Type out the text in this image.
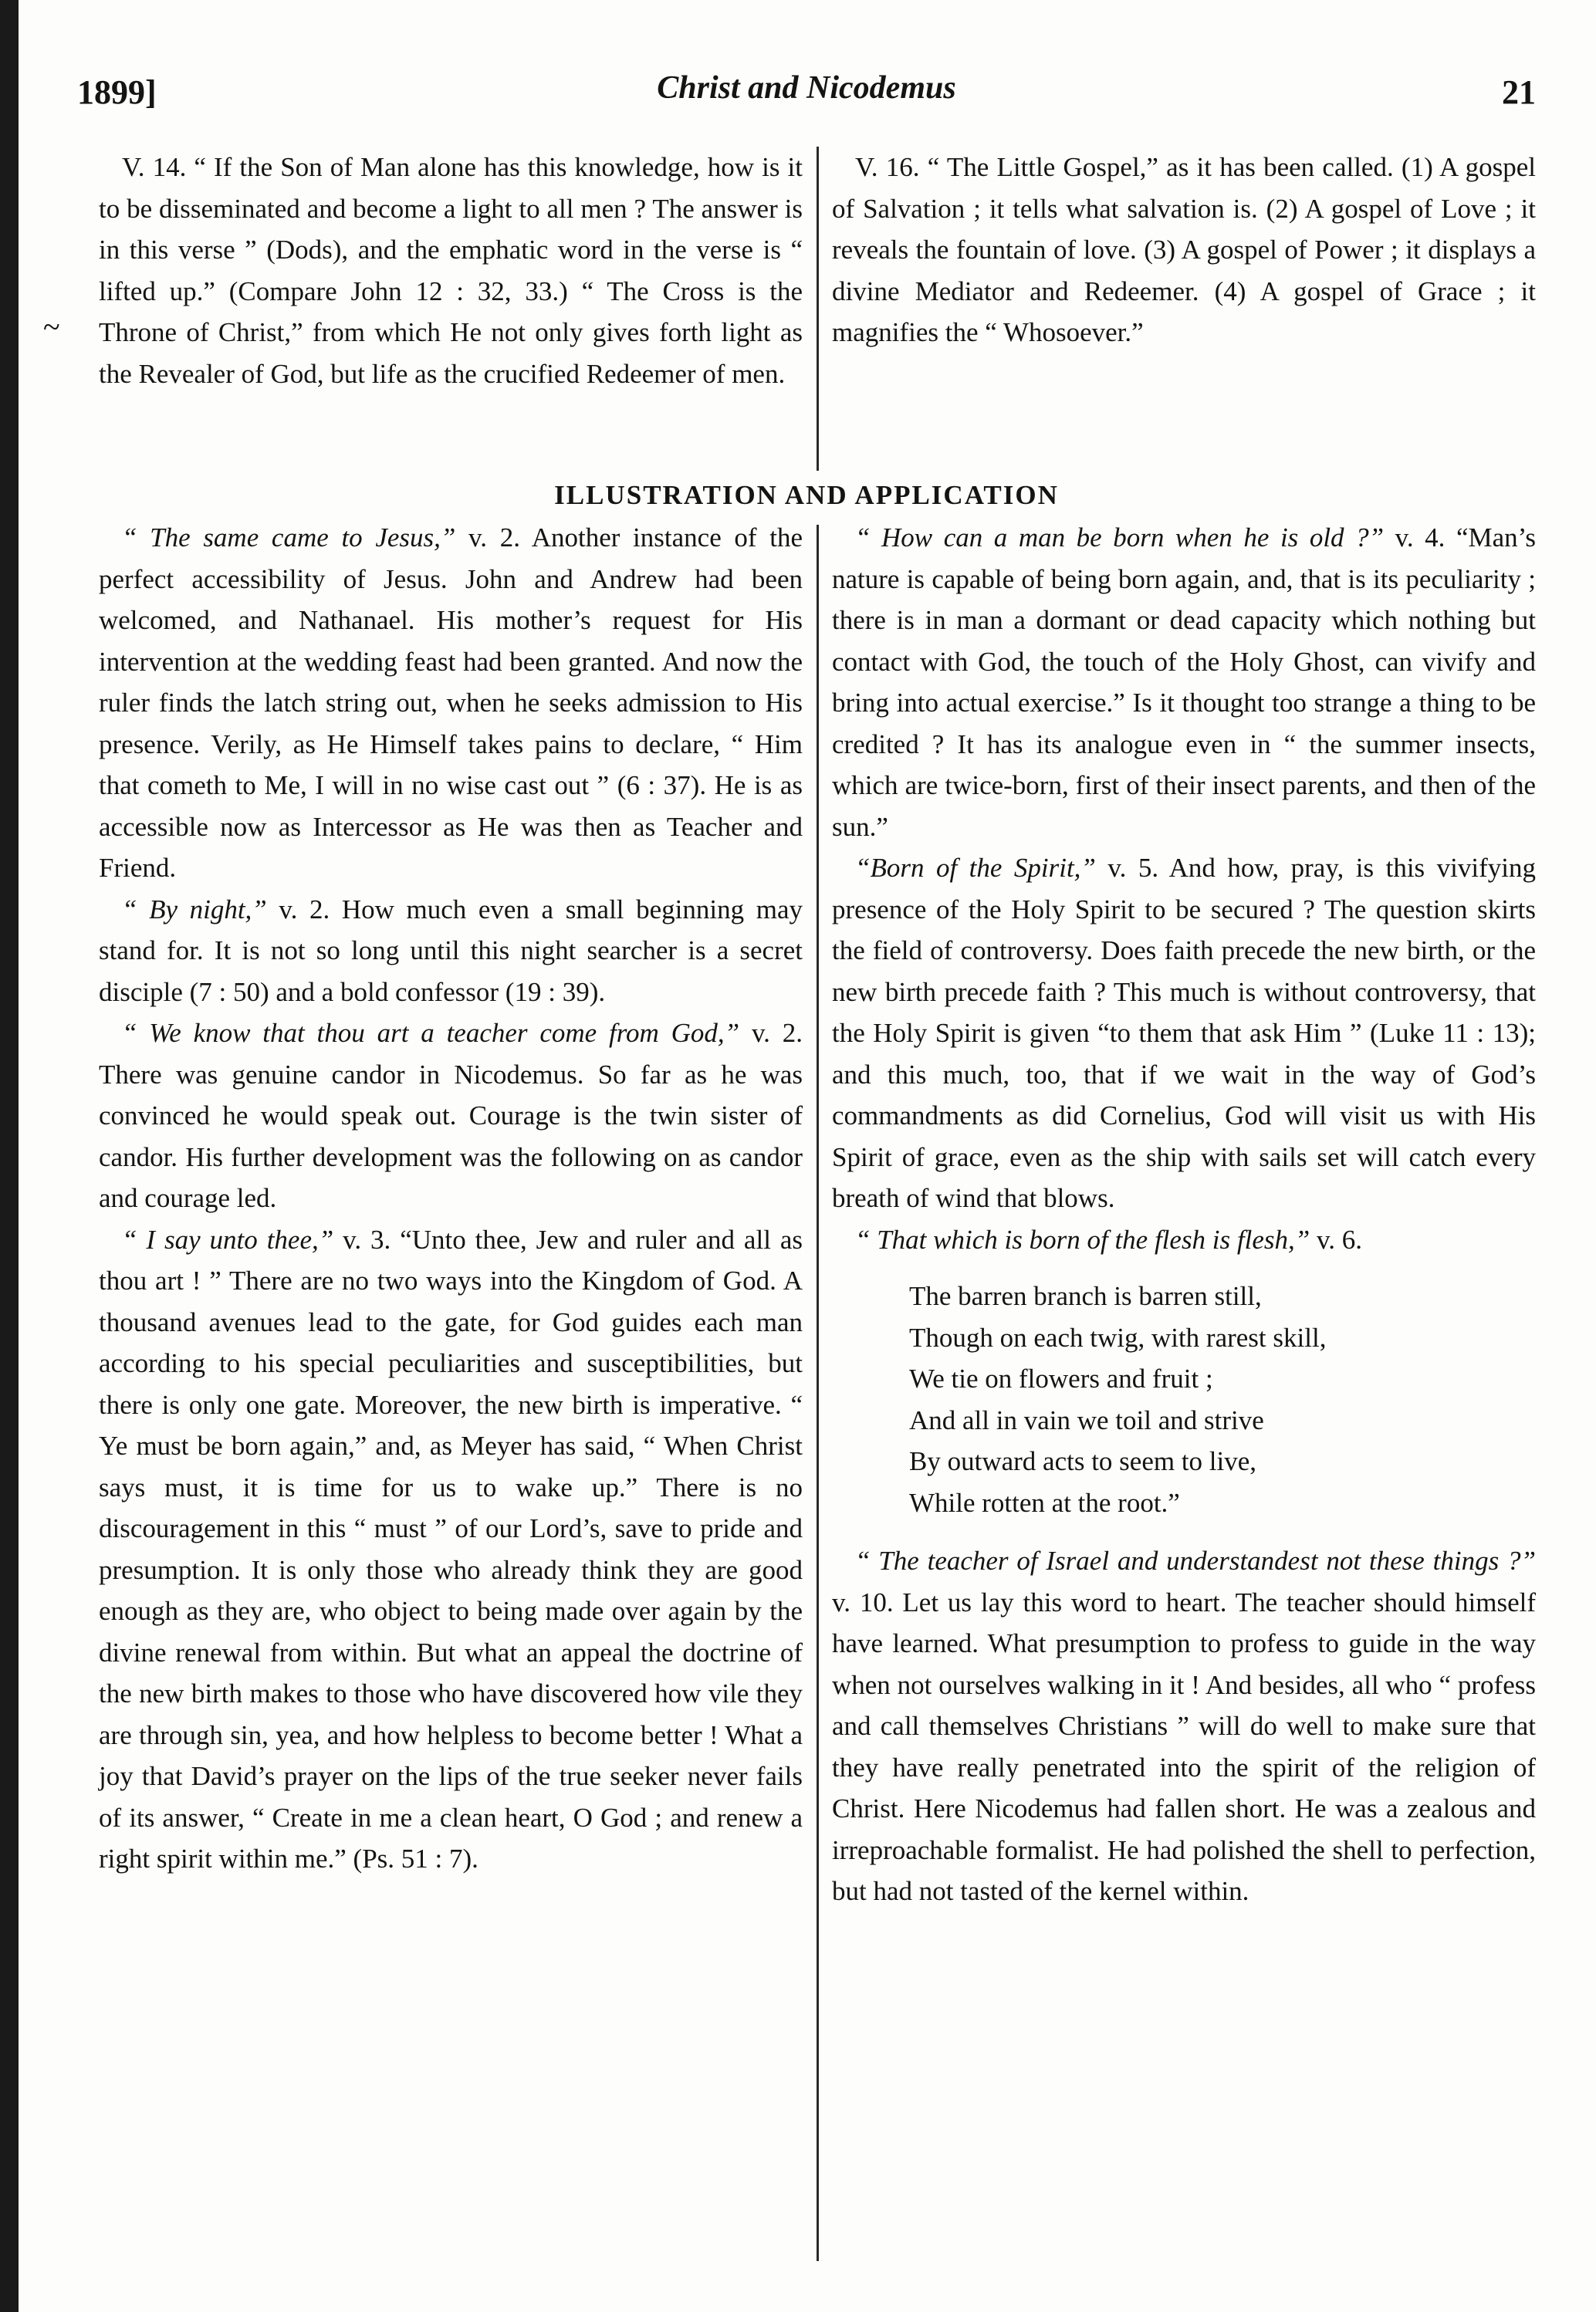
1899]	Christ and Nicodemus	21
~

V. 14. “ If the Son of Man alone has this knowledge, how is it to be disseminated and become a light to all men ? The answer is in this verse ” (Dods), and the emphatic word in the verse is “ lifted up.” (Compare John 12 : 32, 33.) “ The Cross is the Throne of Christ,” from which He not only gives forth light as the Revealer of God, but life as the crucified Redeemer of men.

V. 16. “ The Little Gospel,” as it has been called. (1) A gospel of Salvation ; it tells what salvation is. (2) A gospel of Love ; it reveals the fountain of love. (3) A gospel of Power ; it displays a divine Mediator and Redeemer. (4) A gospel of Grace ; it magnifies the “ Whosoever.”

ILLUSTRATION AND APPLICATION

“ The same came to Jesus,” v. 2. Another instance of the perfect accessibility of Jesus. John and Andrew had been welcomed, and Nathanael. His mother’s request for His intervention at the wedding feast had been granted. And now the ruler finds the latch string out, when he seeks admission to His presence. Verily, as He Himself takes pains to declare, “ Him that cometh to Me, I will in no wise cast out ” (6 : 37). He is as accessible now as Intercessor as He was then as Teacher and Friend.

“ By night,” v. 2. How much even a small beginning may stand for. It is not so long until this night searcher is a secret disciple (7 : 50) and a bold confessor (19 : 39).

“ We know that thou art a teacher come from God,” v. 2. There was genuine candor in Nicodemus. So far as he was convinced he would speak out. Courage is the twin sister of candor. His further development was the following on as candor and courage led.

“ I say unto thee,” v. 3. “Unto thee, Jew and ruler and all as thou art ! ” There are no two ways into the Kingdom of God. A thousand avenues lead to the gate, for God guides each man according to his special peculiarities and susceptibilities, but there is only one gate. Moreover, the new birth is imperative. “ Ye must be born again,” and, as Meyer has said, “ When Christ says must, it is time for us to wake up.” There is no discouragement in this “ must ” of our Lord’s, save to pride and presumption. It is only those who already think they are good enough as they are, who object to being made over again by the divine renewal from within. But what an appeal the doctrine of the new birth makes to those who have discovered how vile they are through sin, yea, and how helpless to become better ! What a joy that David’s prayer on the lips of the true seeker never fails of its answer, “ Create in me a clean heart, O God ; and renew a right spirit within me.” (Ps. 51 : 7).

“ How can a man be born when he is old ?” v. 4. “Man’s nature is capable of being born again, and, that is its peculiarity ; there is in man a dormant or dead capacity which nothing but contact with God, the touch of the Holy Ghost, can vivify and bring into actual exercise.” Is it thought too strange a thing to be credited ? It has its analogue even in “ the summer insects, which are twice-born, first of their insect parents, and then of the sun.”

“Born of the Spirit,” v. 5. And how, pray, is this vivifying presence of the Holy Spirit to be secured ? The question skirts the field of controversy. Does faith precede the new birth, or the new birth precede faith ? This much is without controversy, that the Holy Spirit is given “to them that ask Him ” (Luke 11 : 13); and this much, too, that if we wait in the way of God’s commandments as did Cornelius, God will visit us with His Spirit of grace, even as the ship with sails set will catch every breath of wind that blows.

“ That which is born of the flesh is flesh,” v. 6.

The barren branch is barren still,
Though on each twig, with rarest skill,
We tie on flowers and fruit ;
And all in vain we toil and strive
By outward acts to seem to live,
While rotten at the root.”

“ The teacher of Israel and understandest not these things ?” v. 10. Let us lay this word to heart. The teacher should himself have learned. What presumption to profess to guide in the way when not ourselves walking in it ! And besides, all who “ profess and call themselves Christians ” will do well to make sure that they have really penetrated into the spirit of the religion of Christ. Here Nicodemus had fallen short. He was a zealous and irreproachable formalist. He had polished the shell to perfection, but had not tasted of the kernel within.
